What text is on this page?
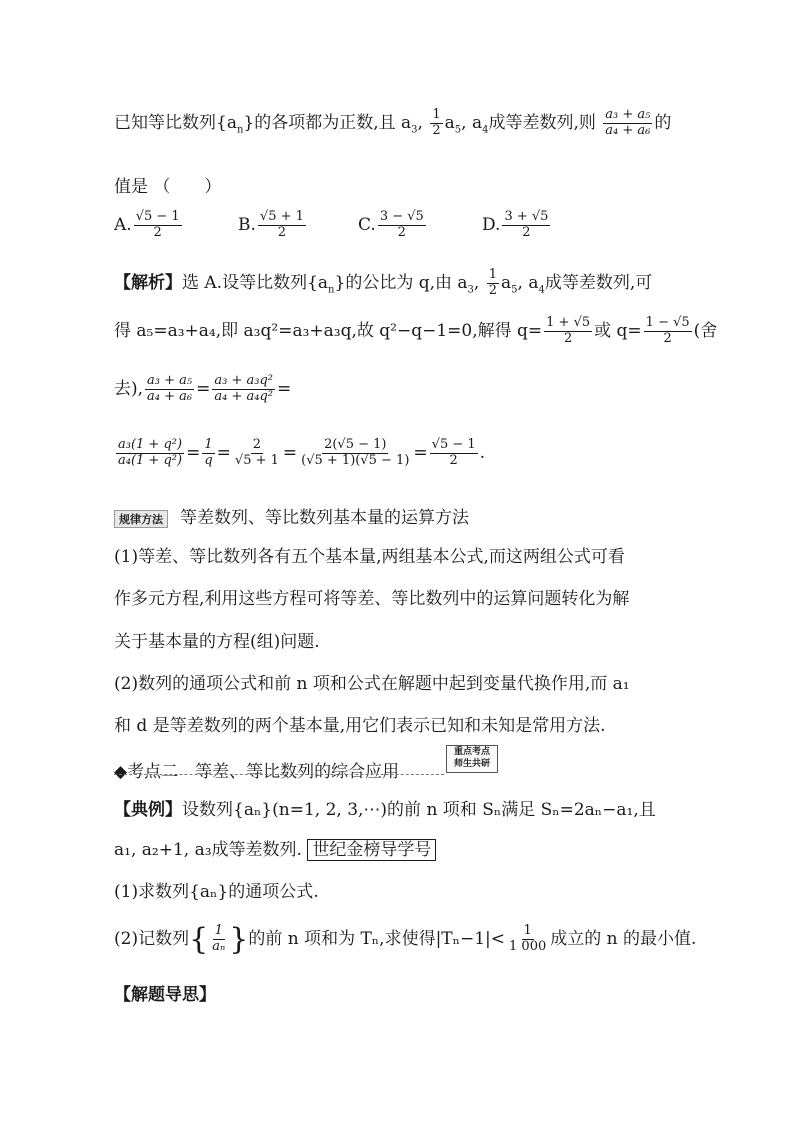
已知等比数列$\{a_n\}$的各项都为正数,且 $a_3$, $\frac{1}{2} a_5$, $a_4$成等差数列,则 $\frac{\text{a₃ + a₅}}{\text{a₄ + a₆}}$ 的
值是 （　　）
A. $\frac{√5 - 1}{2}$	B. $\frac{√5 + 1}{2}$	C. $\frac{3 - √5}{2}$	D. $\frac{3 + √5}{2}$
【解析】选 A.设等比数列$\{a_n\}$的公比为 q,由 $a_3$, $\frac{1}{2} a_5$, $a_4$成等差数列,可
得 a₅=a₃+a₄,即 a₃q²=a₃+a₃q,故 q²−q−1=0,解得 $q= \frac{1 + √5}{2}$ 或 $q= \frac{1 - √5}{2}$ (舍
去), $\frac{\text{a₃ + a₅}}{\text{a₄ + a₆}} = \frac{\text{a₃ + a₃q²}}{\text{a₄ + a₄q²}}$ =
$\frac{\text{a₃(1 + q²)}}{\text{a₄(1 + q²)}} = \frac{1}{q} = \frac{2}{√5 + 1} = \frac{2(√5 - 1)}{(√5 + 1)(√5 - 1)} = \frac{√5 - 1}{2}$ .
规律方法 等差数列、等比数列基本量的运算方法
(1)等差、等比数列各有五个基本量,两组基本公式,而这两组公式可看
作多元方程,利用这些方程可将等差、等比数列中的运算问题转化为解
关于基本量的方程(组)问题.
(2)数列的通项公式和前 n 项和公式在解题中起到变量代换作用,而 a₁
和 d 是等差数列的两个基本量,用它们表示已知和未知是常用方法.
◆考点二　等差、等比数列的综合应用
重点考点
师生共研
【典例】设数列{aₙ}(n=1, 2, 3,⋯)的前 n 项和 Sₙ满足 Sₙ=2aₙ−a₁,且
a₁, a₂+1, a₃成等差数列. 世纪金榜导学号
(1)求数列{aₙ}的通项公式.
(2)记数列{ $\frac{1}{\text{aₙ}}$ }的前 n 项和为 Tₙ,求使得$|T_n-1|< \frac{1}{1 000}$ 成立的 n 的最小值.
【解题导思】
